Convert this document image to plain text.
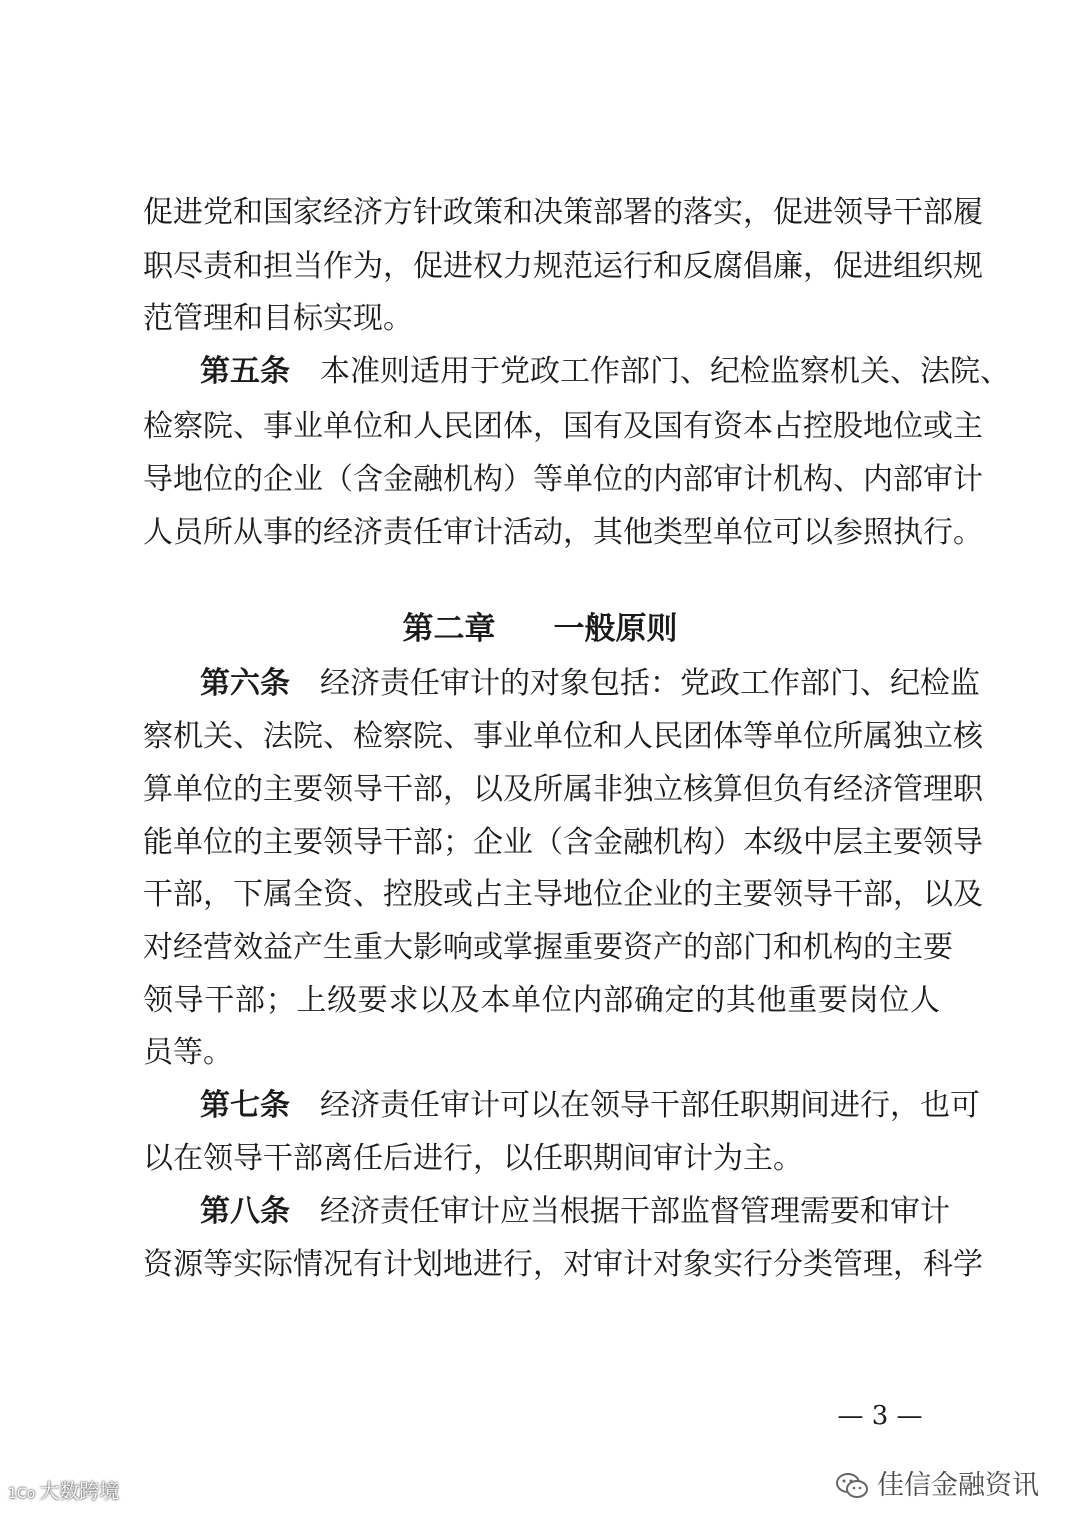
促进党和国家经济方针政策和决策部署的落实，促进领导干部履
职尽责和担当作为，促进权力规范运行和反腐倡廉，促进组织规
范管理和目标实现。
第五条 本准则适用于党政工作部门、纪检监察机关、法院、
检察院、事业单位和人民团体，国有及国有资本占控股地位或主
导地位的企业（含金融机构）等单位的内部审计机构、内部审计
人员所从事的经济责任审计活动，其他类型单位可以参照执行。
第二章 一般原则
第六条 经济责任审计的对象包括：党政工作部门、纪检监
察机关、法院、检察院、事业单位和人民团体等单位所属独立核
算单位的主要领导干部，以及所属非独立核算但负有经济管理职
能单位的主要领导干部；企业（含金融机构）本级中层主要领导
干部，下属全资、控股或占主导地位企业的主要领导干部，以及
对经营效益产生重大影响或掌握重要资产的部门和机构的主要
领导干部；上级要求以及本单位内部确定的其他重要岗位人
员等。
第七条 经济责任审计可以在领导干部任职期间进行，也可
以在领导干部离任后进行，以任职期间审计为主。
第八条 经济责任审计应当根据干部监督管理需要和审计
资源等实际情况有计划地进行，对审计对象实行分类管理，科学
— 3 —
1Co 大数跨境	佳信金融资讯
